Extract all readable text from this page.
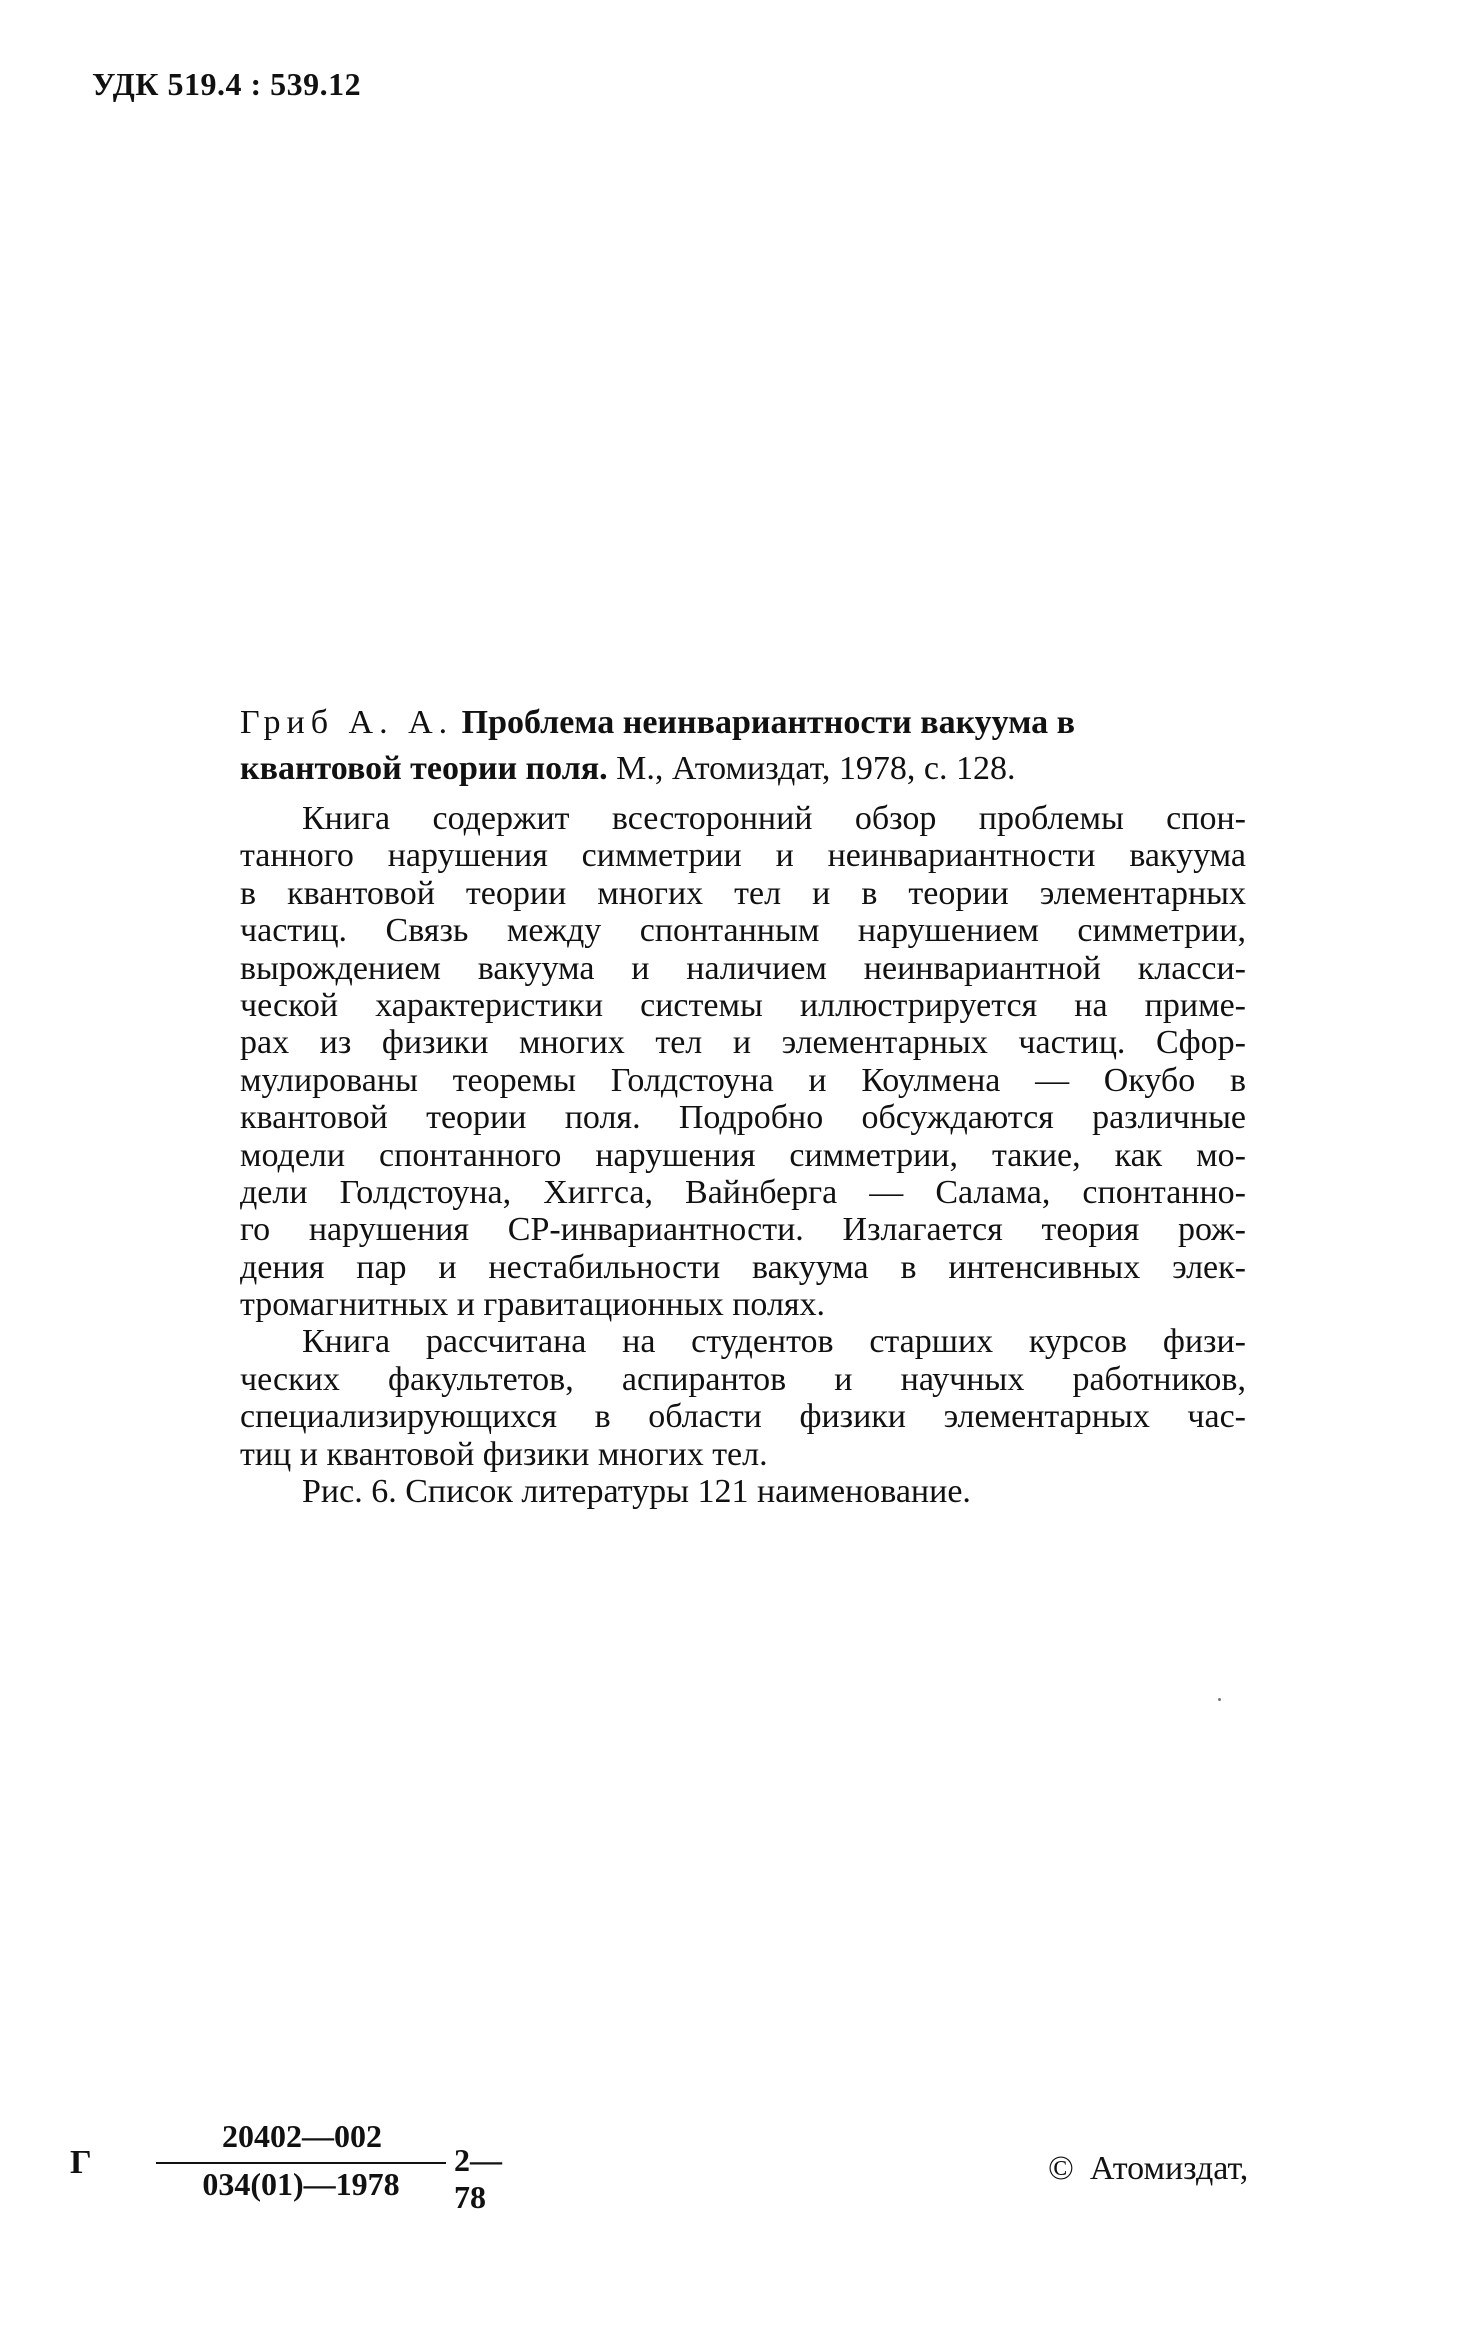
УДК 519.4 : 539.12
Гриб А. А. Проблема неинвариантности вакуума в
квантовой теории поля. М., Атомиздат, 1978, с. 128.
Книга содержит всесторонний обзор проблемы спон-
танного нарушения симметрии и неинвариантности вакуума
в квантовой теории многих тел и в теории элементарных
частиц. Связь между спонтанным нарушением симметрии,
вырождением вакуума и наличием неинвариантной класси-
ческой характеристики системы иллюстрируется на приме-
рах из физики многих тел и элементарных частиц. Сфор-
мулированы теоремы Голдстоуна и Коулмена — Окубо в
квантовой теории поля. Подробно обсуждаются различные
модели спонтанного нарушения симметрии, такие, как мо-
дели Голдстоуна, Хиггса, Вайнберга — Салама, спонтанно-
го нарушения CP-инвариантности. Излагается теория рож-
дения пар и нестабильности вакуума в интенсивных элек-
тромагнитных и гравитационных полях.
Книга рассчитана на студентов старших курсов физи-
ческих факультетов, аспирантов и научных работников,
специализирующихся в области физики элементарных час-
тиц и квантовой физики многих тел.
Рис. 6. Список литературы 121 наименование.
Г
20402—002
034(01)—1978
2—78
© Атомиздат,
